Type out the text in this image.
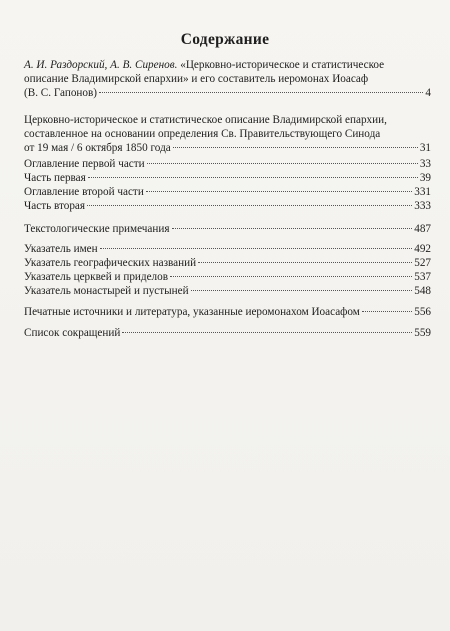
Содержание
А. И. Раздорский, А. В. Сиренов. «Церковно-историческое и статистическое
описание Владимирской епархии» и его составитель иеромонах Иоасаф
(В. С. Гапонов)	4
Церковно-историческое и статистическое описание Владимирской епархии,
составленное на основании определения Св. Правительствующего Синода
от 19 мая / 6 октября 1850 года	31
Оглавление первой части	33
Часть первая	39
Оглавление второй части	331
Часть вторая	333
Текстологические примечания	487
Указатель имен	492
Указатель географических названий	527
Указатель церквей и приделов	537
Указатель монастырей и пустыней	548
Печатные источники и литература, указанные иеромонахом Иоасафом	556
Список сокращений	559
